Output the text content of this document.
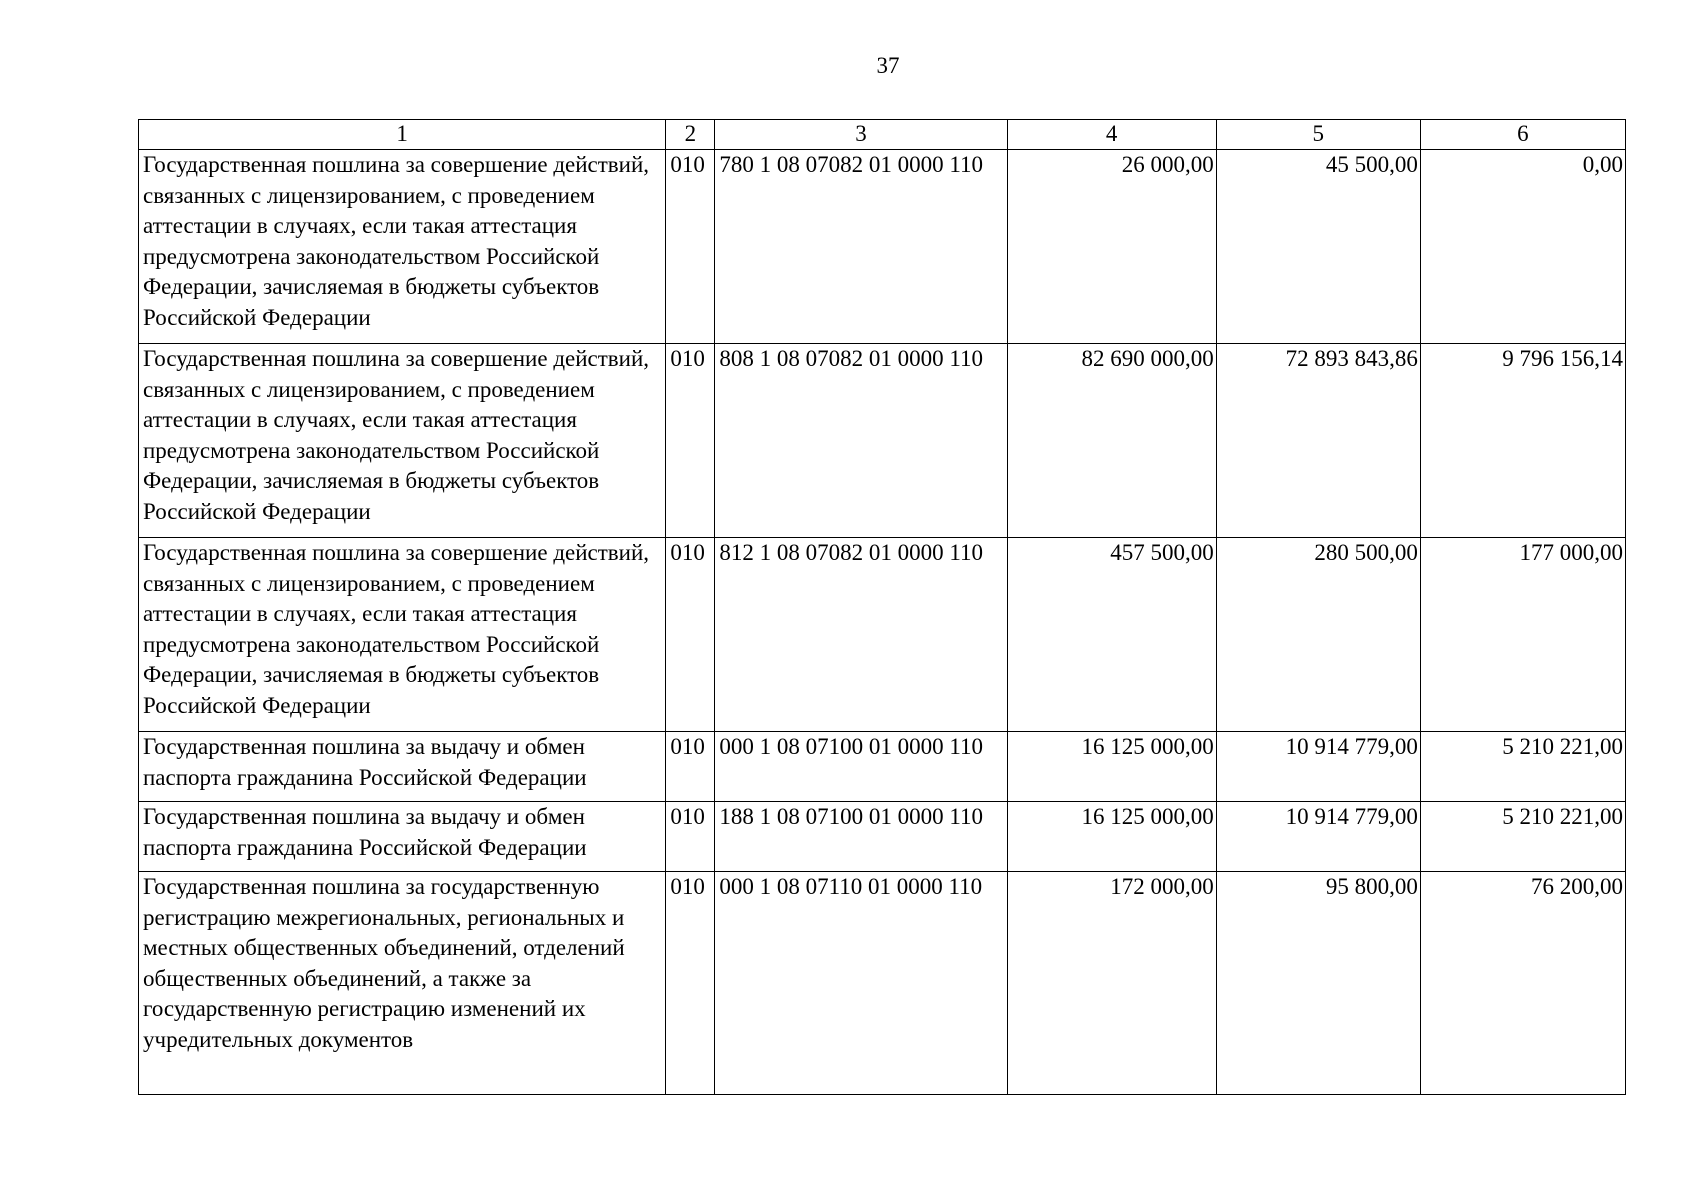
37
1	2	3	4	5	6
Государственная пошлина за совершение действий, связанных с лицензированием, с проведением аттестации в случаях, если такая аттестация предусмотрена законодательством Российской Федерации, зачисляемая в бюджеты субъектов Российской Федерации	010	780 1 08 07082 01 0000 110	26 000,00	45 500,00	0,00
Государственная пошлина за совершение действий, связанных с лицензированием, с проведением аттестации в случаях, если такая аттестация предусмотрена законодательством Российской Федерации, зачисляемая в бюджеты субъектов Российской Федерации	010	808 1 08 07082 01 0000 110	82 690 000,00	72 893 843,86	9 796 156,14
Государственная пошлина за совершение действий, связанных с лицензированием, с проведением аттестации в случаях, если такая аттестация предусмотрена законодательством Российской Федерации, зачисляемая в бюджеты субъектов Российской Федерации	010	812 1 08 07082 01 0000 110	457 500,00	280 500,00	177 000,00
Государственная пошлина за выдачу и обмен паспорта гражданина Российской Федерации	010	000 1 08 07100 01 0000 110	16 125 000,00	10 914 779,00	5 210 221,00
Государственная пошлина за выдачу и обмен паспорта гражданина Российской Федерации	010	188 1 08 07100 01 0000 110	16 125 000,00	10 914 779,00	5 210 221,00
Государственная пошлина за государственную регистрацию межрегиональных, региональных и местных общественных объединений, отделений общественных объединений, а также за государственную регистрацию изменений их учредительных документов	010	000 1 08 07110 01 0000 110	172 000,00	95 800,00	76 200,00
